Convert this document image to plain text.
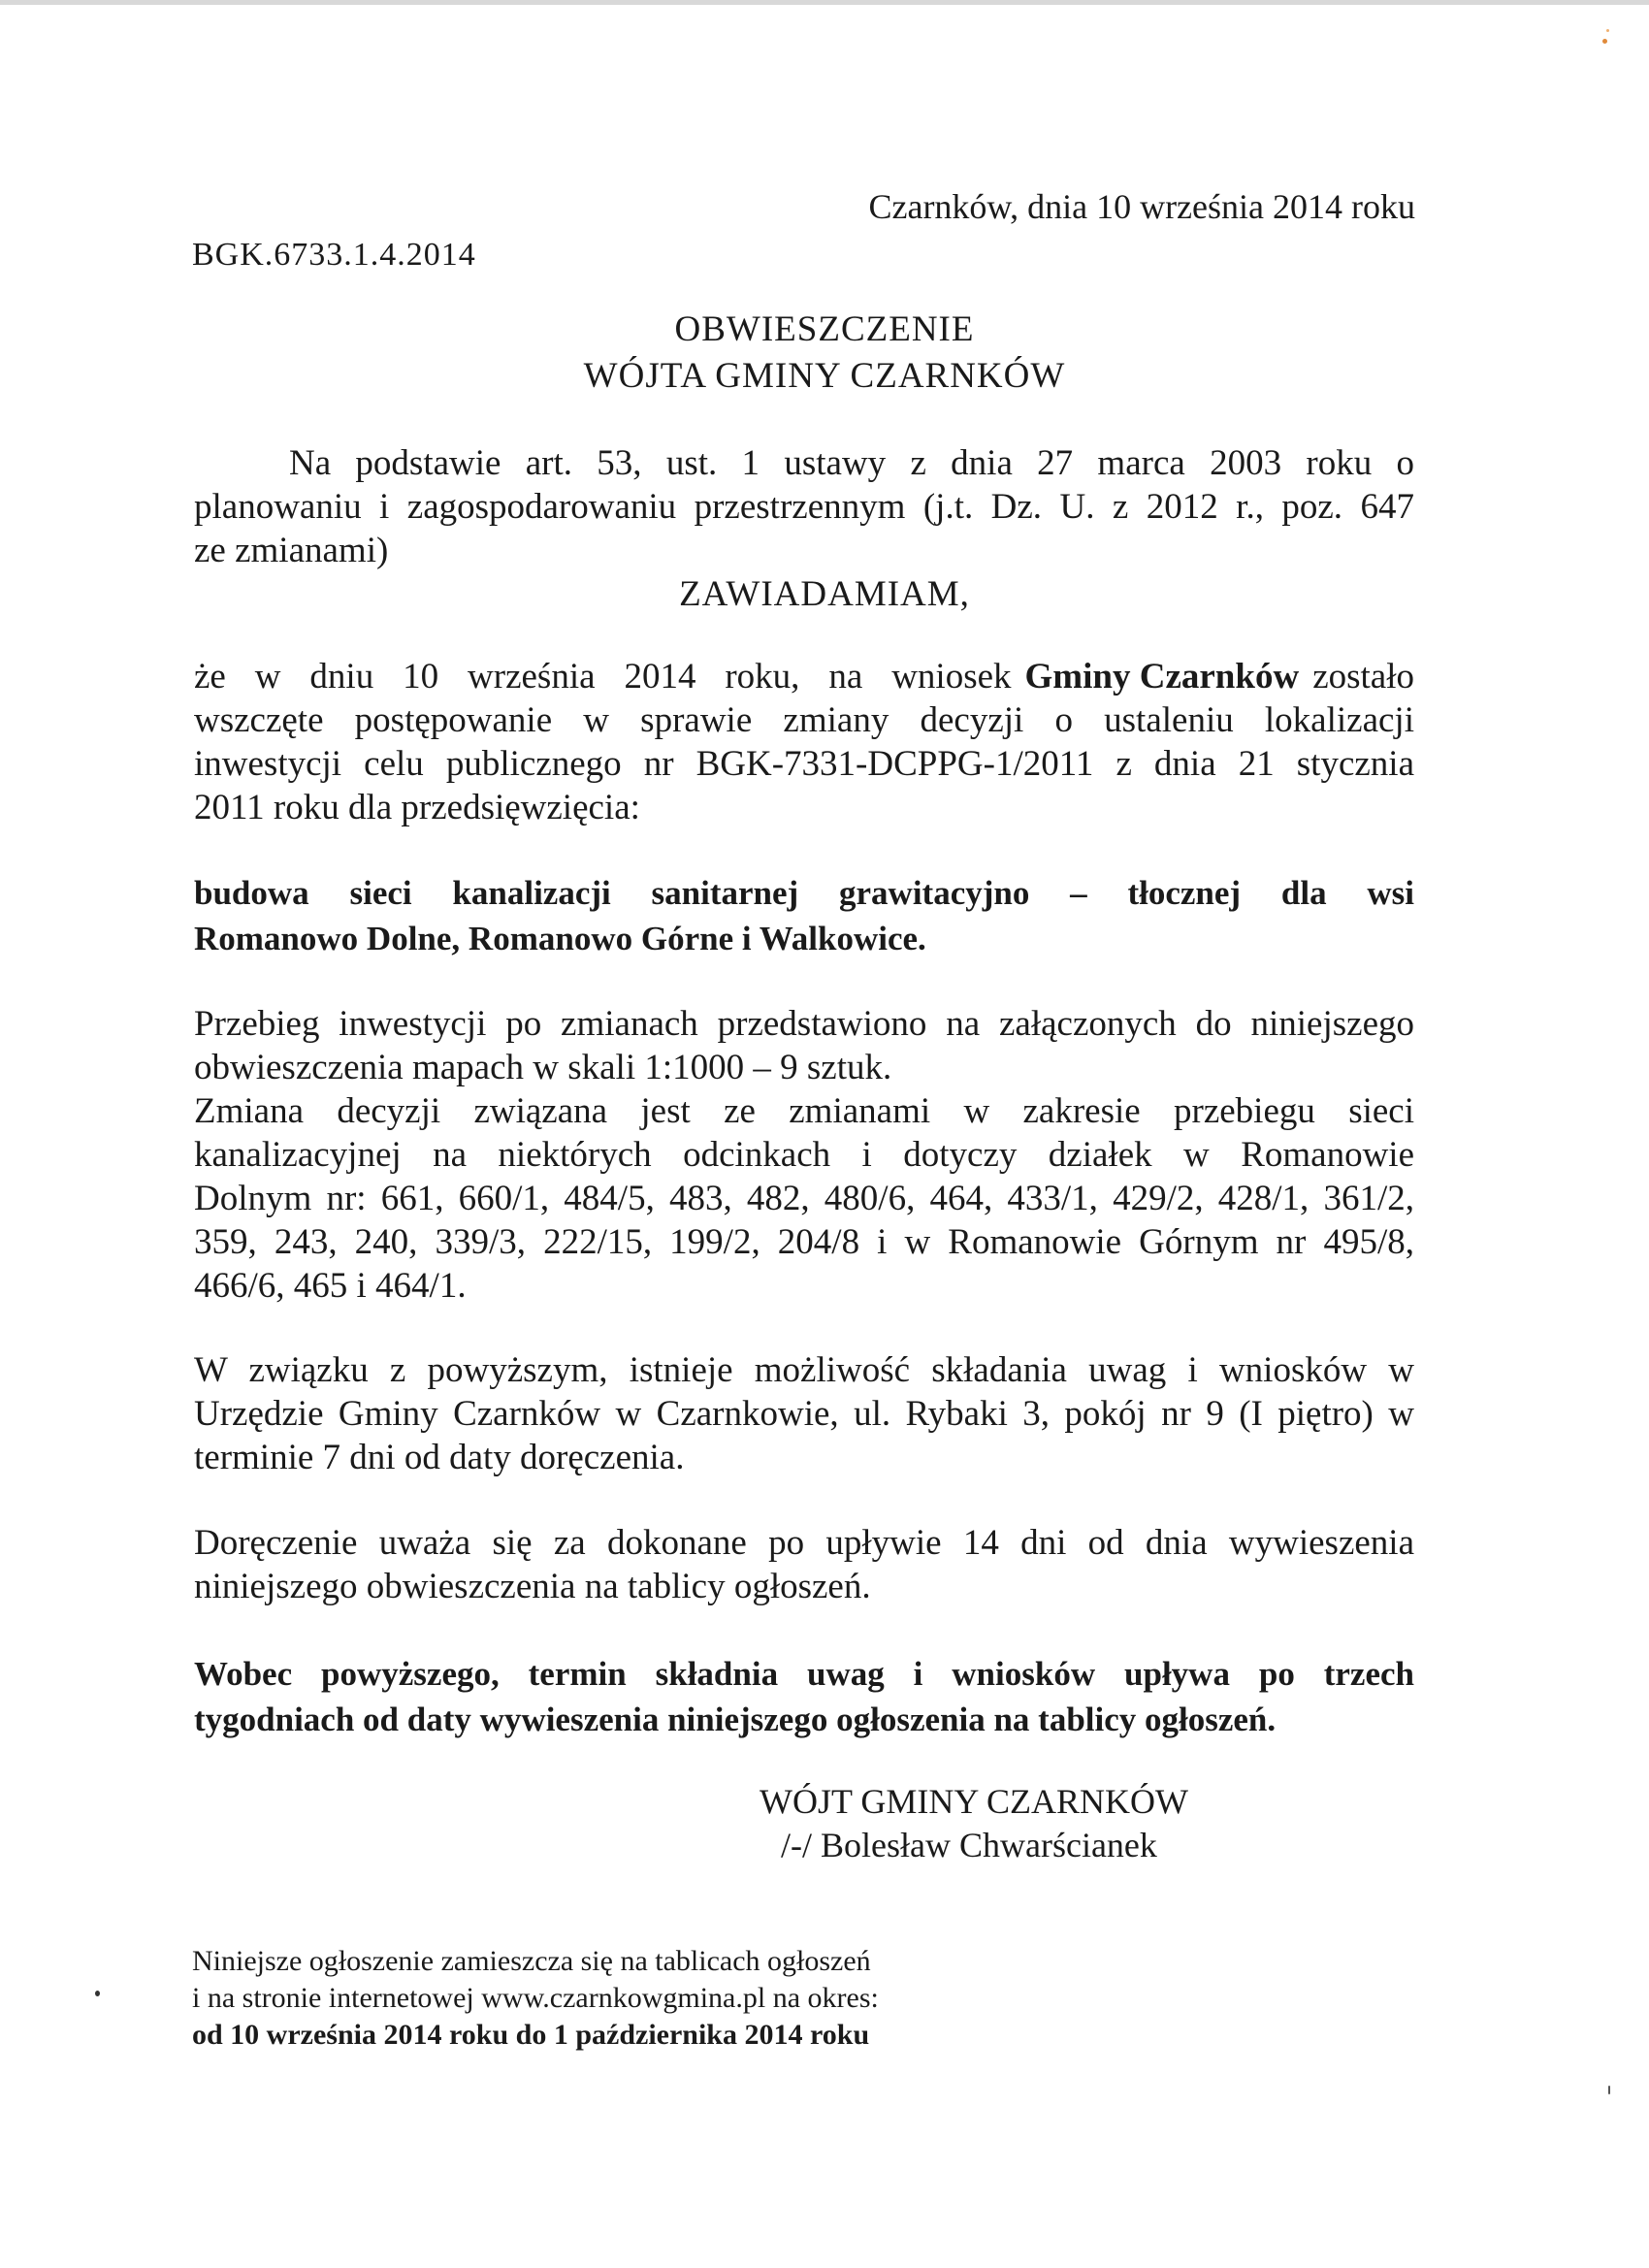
Czarnków, dnia 10 września 2014 roku
BGK.6733.1.4.2014
OBWIESZCZENIE
WÓJTA GMINY CZARNKÓW
Na podstawie art. 53, ust. 1 ustawy z dnia 27 marca 2003 roku o
planowaniu i zagospodarowaniu przestrzennym (j.t. Dz. U. z 2012 r., poz. 647
ze zmianami)
ZAWIADAMIAM,
że w dniu 10 września 2014 roku, na wniosek Gminy Czarnków zostało
wszczęte postępowanie w sprawie zmiany decyzji o ustaleniu lokalizacji
inwestycji celu publicznego nr BGK-7331-DCPPG-1/2011 z dnia 21 stycznia
2011 roku dla przedsięwzięcia:
budowa sieci kanalizacji sanitarnej grawitacyjno – tłocznej dla wsi
Romanowo Dolne, Romanowo Górne i Walkowice.
Przebieg inwestycji po zmianach przedstawiono na załączonych do niniejszego
obwieszczenia mapach w skali 1:1000 – 9 sztuk.
Zmiana decyzji związana jest ze zmianami w zakresie przebiegu sieci
kanalizacyjnej na niektórych odcinkach i dotyczy działek w Romanowie
Dolnym nr: 661, 660/1, 484/5, 483, 482, 480/6, 464, 433/1, 429/2, 428/1, 361/2,
359, 243, 240, 339/3, 222/15, 199/2, 204/8 i w Romanowie Górnym nr 495/8,
466/6, 465 i 464/1.
W związku z powyższym, istnieje możliwość składania uwag i wniosków w
Urzędzie Gminy Czarnków w Czarnkowie, ul. Rybaki 3, pokój nr 9 (I piętro) w
terminie 7 dni od daty doręczenia.
Doręczenie uważa się za dokonane po upływie 14 dni od dnia wywieszenia
niniejszego obwieszczenia na tablicy ogłoszeń.
Wobec powyższego, termin składnia uwag i wniosków upływa po trzech
tygodniach od daty wywieszenia niniejszego ogłoszenia na tablicy ogłoszeń.
WÓJT GMINY CZARNKÓW
/-/ Bolesław Chwarścianek
Niniejsze ogłoszenie zamieszcza się na tablicach ogłoszeń
i na stronie internetowej www.czarnkowgmina.pl na okres:
od 10 września 2014 roku do 1 października 2014 roku
